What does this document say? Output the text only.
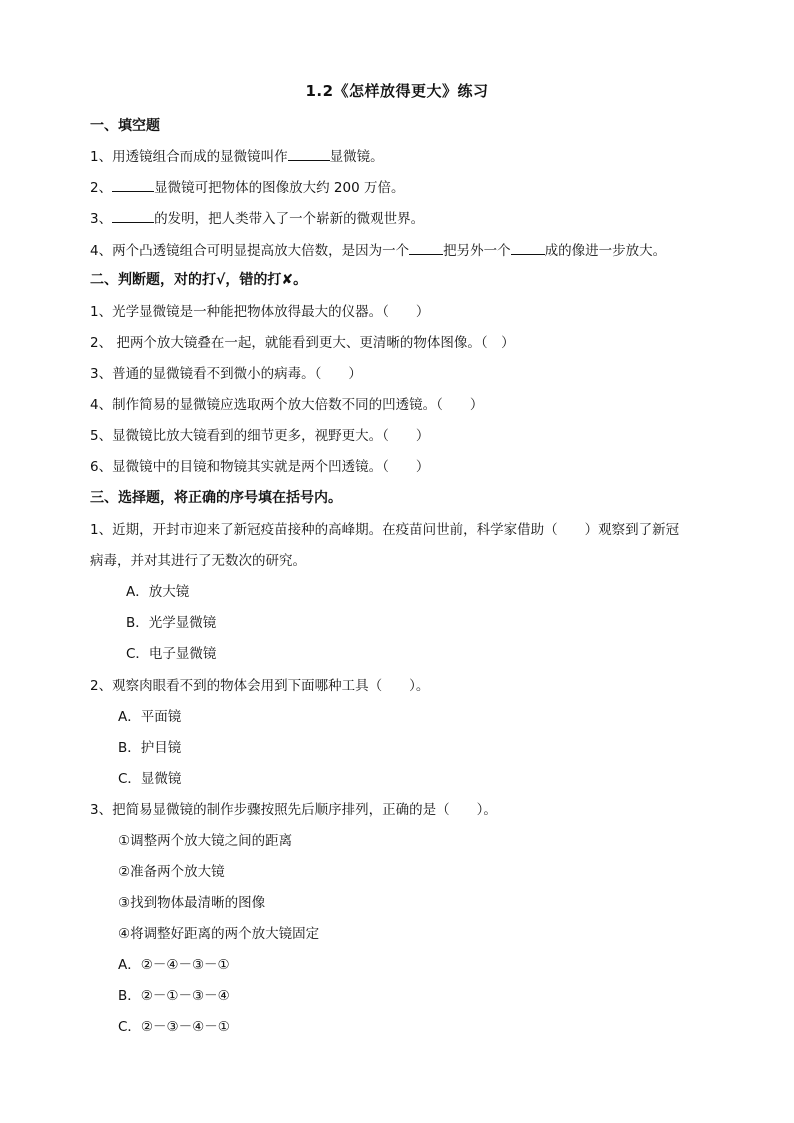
1.2《怎样放得更大》练习
一、填空题
1、用透镜组合而成的显微镜叫作	显微镜。
2、	显微镜可把物体的图像放大约 200 万倍。
3、	的发明，把人类带入了一个崭新的微观世界。
4、两个凸透镜组合可明显提高放大倍数，是因为一个	把另外一个	成的像进一步放大。
二、判断题，对的打√，错的打✘。
1、光学显微镜是一种能把物体放得最大的仪器。（　　）
2、 把两个放大镜叠在一起，就能看到更大、更清晰的物体图像。（　）
3、普通的显微镜看不到微小的病毒。（　　）
4、制作简易的显微镜应选取两个放大倍数不同的凹透镜。（　　）
5、显微镜比放大镜看到的细节更多，视野更大。（　　）
6、显微镜中的目镜和物镜其实就是两个凹透镜。（　　）
三、选择题，将正确的序号填在括号内。
1、近期，开封市迎来了新冠疫苗接种的高峰期。在疫苗问世前，科学家借助（　　）观察到了新冠
病毒，并对其进行了无数次的研究。
A．放大镜
B．光学显微镜
C．电子显微镜
2、观察肉眼看不到的物体会用到下面哪种工具（　　）。
A．平面镜
B．护目镜
C．显微镜
3、把简易显微镜的制作步骤按照先后顺序排列，正确的是（　　）。
①调整两个放大镜之间的距离
②准备两个放大镜
③找到物体最清晰的图像
④将调整好距离的两个放大镜固定
A．②－④－③－①
B．②－①－③－④
C．②－③－④－①
